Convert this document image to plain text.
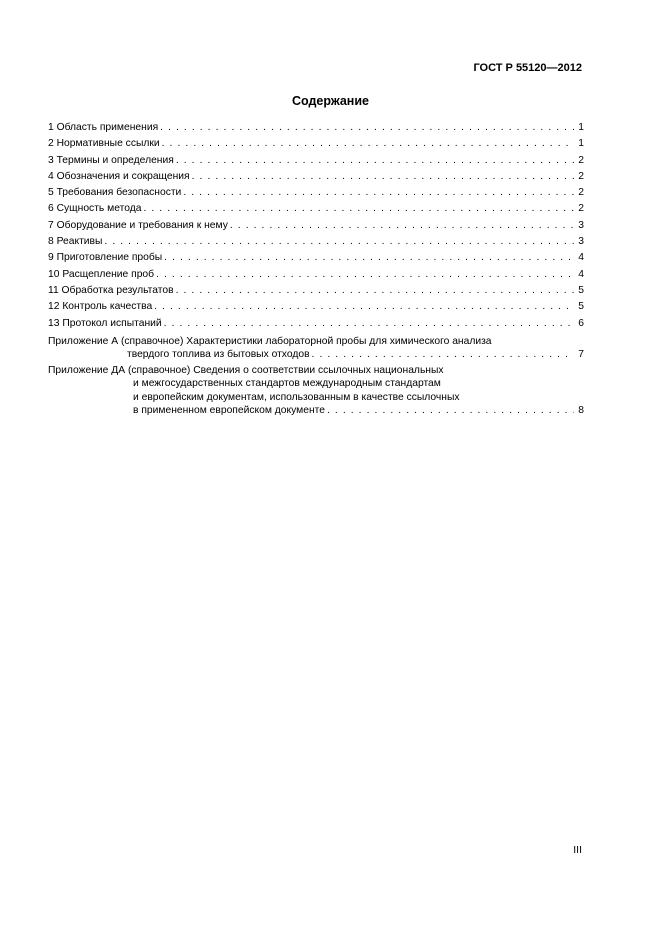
ГОСТ Р 55120—2012
Содержание
1 Область применения . . .	1
2 Нормативные ссылки . . .	1
3 Термины и определения . . .	2
4 Обозначения и сокращения . . .	2
5 Требования безопасности . . .	2
6 Сущность метода . . .	2
7 Оборудование и требования к нему . . .	3
8 Реактивы . . .	3
9 Приготовление пробы . . .	4
10 Расщепление проб . . .	4
11 Обработка результатов . . .	5
12 Контроль качества . . .	5
13 Протокол испытаний . . .	6
Приложение А (справочное) Характеристики лабораторной пробы для химического анализа
твердого топлива из бытовых отходов . . .	7
Приложение ДА (справочное) Сведения о соответствии ссылочных национальных
и межгосударственных стандартов международным стандартам
и европейским документам, использованным в качестве ссылочных
в примененном европейском документе . . .	8
III
